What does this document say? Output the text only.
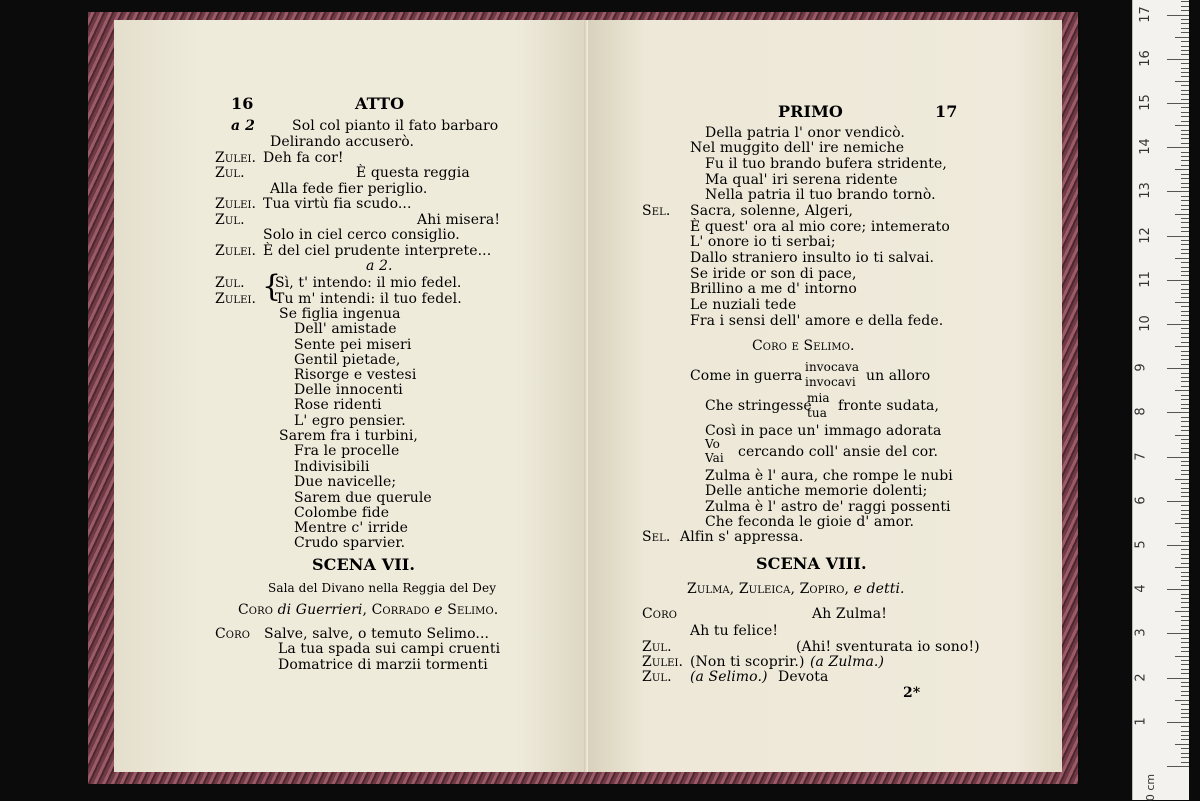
16	ATTO
a 2	Sol col pianto il fato barbaro
Delirando accuserò.
Zulei. Deh fa cor!
Zul.	È questa reggia
Alla fede fier periglio.
Zulei. Tua virtù fia scudo...
Zul.	Ahi misera!
Solo in ciel cerco consiglio.
Zulei. È del ciel prudente interprete...
a 2.
Zul. {
Sì, t' intendo: il mio fedel.
Zulei. Tu m' intendi: il tuo fedel.
Se figlia ingenua
Dell' amistade
Sente pei miseri
Gentil pietade,
Risorge e vestesi
Delle innocenti
Rose ridenti
L' egro pensier.
Sarem fra i turbini,
Fra le procelle
Indivisibili
Due navicelle;
Sarem due querule
Colombe fide
Mentre c' irride
Crudo sparvier.
SCENA VII.
Sala del Divano nella Reggia del Dey
Coro di Guerrieri, Corrado e Selimo.
Coro Salve, salve, o temuto Selimo...
La tua spada sui campi cruenti
Domatrice di marzii tormenti
PRIMO	17
Della patria l' onor vendicò.
Nel muggito dell' ire nemiche
Fu il tuo brando bufera stridente,
Ma qual' iri serena ridente
Nella patria il tuo brando tornò.
Sel. Sacra, solenne, Algeri,
È quest' ora al mio core; intemerato
L' onore io ti serbai;
Dallo straniero insulto io ti salvai.
Se iride or son di pace,
Brillino a me d' intorno
Le nuziali tede
Fra i sensi dell' amore e della fede.
Coro e Selimo.
Come in guerra
invocava
invocavi un alloro
Che stringesse
mia
tua fronte sudata,
Così in pace un' immago adorata
Vo
Vai cercando coll' ansie del cor.
Zulma è l' aura, che rompe le nubi
Delle antiche memorie dolenti;
Zulma è l' astro de' raggi possenti
Che feconda le gioie d' amor.
Sel. Alfin s' appressa.
SCENA VIII.
Zulma, Zuleica, Zopiro, e detti.
Coro	Ah Zulma!
Ah tu felice!
Zul.	(Ahi! sventurata io sono!)
Zulei. (Non ti scoprir.) (a Zulma.)
Zul. (a Selimo.) Devota
2*
0 cm
1
2
3
4
5
6
7
8
9
10
11
12
13
14
15
16
17
